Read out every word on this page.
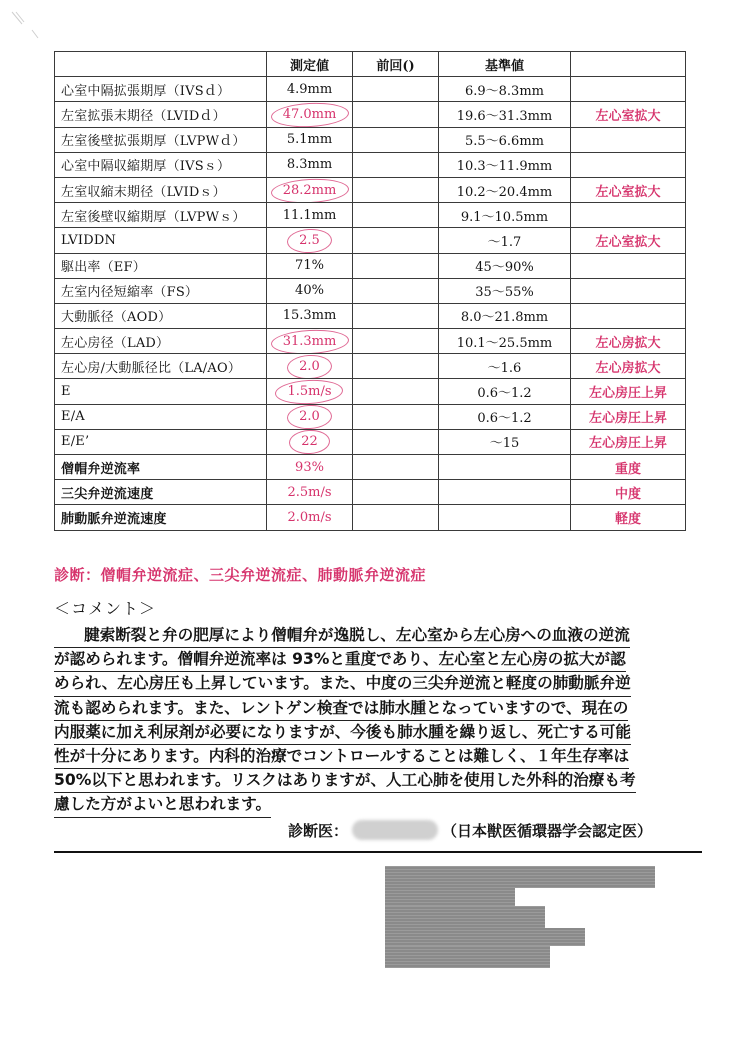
	測定値	前回()	基準値	
心室中隔拡張期厚（IVSｄ）	4.9mm		6.9〜8.3mm	
左室拡張末期径（LVIDｄ）	47.0mm		19.6〜31.3mm	左心室拡大
左室後壁拡張期厚（LVPWｄ）	5.1mm		5.5〜6.6mm	
心室中隔収縮期厚（IVSｓ）	8.3mm		10.3〜11.9mm	
左室収縮末期径（LVIDｓ）	28.2mm		10.2〜20.4mm	左心室拡大
左室後壁収縮期厚（LVPWｓ）	11.1mm		9.1〜10.5mm	
LVIDDN	2.5		〜1.7	左心室拡大
駆出率（EF）	71%		45〜90%	
左室内径短縮率（FS）	40%		35〜55%	
大動脈径（AOD）	15.3mm		8.0〜21.8mm	
左心房径（LAD）	31.3mm		10.1〜25.5mm	左心房拡大
左心房/大動脈径比（LA/AO）	2.0		〜1.6	左心房拡大
E	1.5m/s		0.6〜1.2	左心房圧上昇
E/A	2.0		0.6〜1.2	左心房圧上昇
E/E’	22		〜15	左心房圧上昇
僧帽弁逆流率	93%			重度
三尖弁逆流速度	2.5m/s			中度
肺動脈弁逆流速度	2.0m/s			軽度
診断：僧帽弁逆流症、三尖弁逆流症、肺動脈弁逆流症
＜コメント＞
腱索断裂と弁の肥厚により僧帽弁が逸脱し、左心室から左心房への血液の逆流
が認められます。僧帽弁逆流率は 93%と重度であり、左心室と左心房の拡大が認
められ、左心房圧も上昇しています。また、中度の三尖弁逆流と軽度の肺動脈弁逆
流も認められます。また、レントゲン検査では肺水腫となっていますので、現在の
内服薬に加え利尿剤が必要になりますが、今後も肺水腫を繰り返し、死亡する可能
性が十分にあります。内科的治療でコントロールすることは難しく、１年生存率は
50%以下と思われます。リスクはありますが、人工心肺を使用した外科的治療も考
慮した方がよいと思われます。
診断医：	（日本獣医循環器学会認定医）
